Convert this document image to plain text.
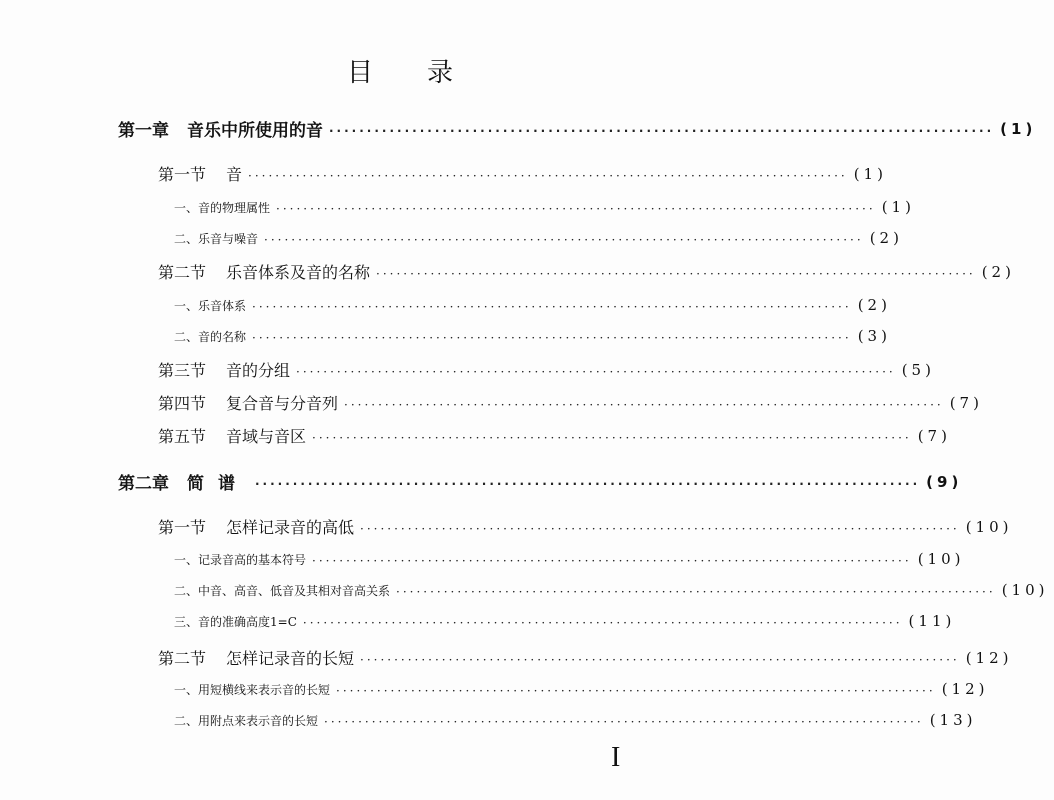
目录
第一章 音乐中所使用的音 ························································································ (1)
第一节 音 ························································································ (1)
一、音的物理属性 ························································································ (1)
二、乐音与噪音 ························································································ (2)
第二节 乐音体系及音的名称 ························································································ (2)
一、乐音体系 ························································································ (2)
二、音的名称 ························································································ (3)
第三节 音的分组 ························································································ (5)
第四节 复合音与分音列 ························································································ (7)
第五节 音域与音区 ························································································ (7)
第二章 简谱 ························································································ (9)
第一节 怎样记录音的高低 ························································································ (10)
一、记录音高的基本符号 ························································································ (10)
二、中音、高音、低音及其相对音高关系 ························································································ (10)
三、音的准确高度1=C ························································································ (11)
第二节 怎样记录音的长短 ························································································ (12)
一、用短横线来表示音的长短 ························································································ (12)
二、用附点来表示音的长短 ························································································ (13)
I
